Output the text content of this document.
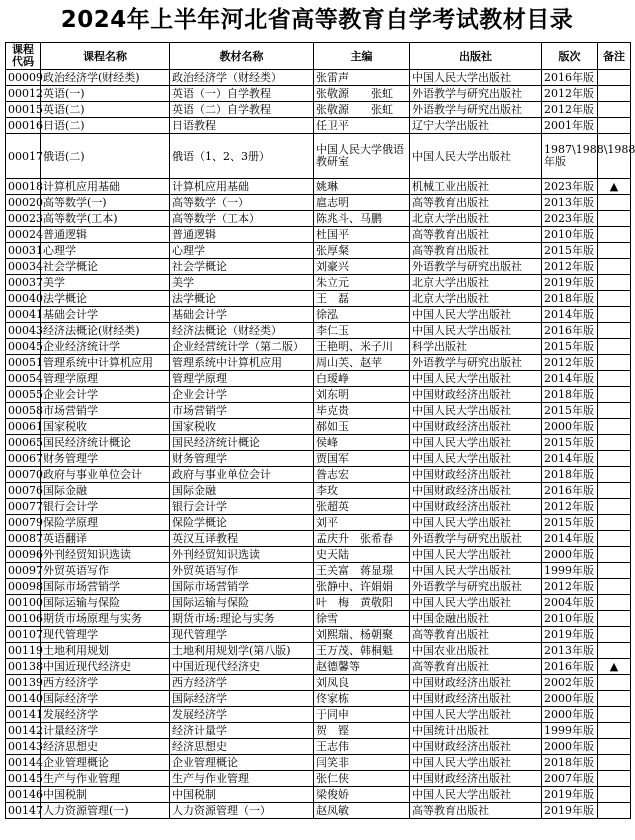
2024年上半年河北省高等教育自学考试教材目录
课程代码	课程名称	教材名称	主编	出版社	版次	备注
00009	政治经济学(财经类)	政治经济学（财经类）	张雷声	中国人民大学出版社	2016年版	
00012	英语(一)	英语（一）自学教程	张敬源　　张虹	外语教学与研究出版社	2012年版	
00015	英语(二)	英语（二）自学教程	张敬源　　张虹	外语教学与研究出版社	2012年版	
00016	日语(二)	日语教程	任卫平	辽宁大学出版社	2001年版	
00017	俄语(二)	俄语（1、2、3册）	中国人民大学俄语教研室	中国人民大学出版社	1987\1988\1988年版	
00018	计算机应用基础	计算机应用基础	姚琳	机械工业出版社	2023年版	▲
00020	高等数学(一)	高等数学（一）	扈志明	高等教育出版社	2013年版	
00023	高等数学(工本)	高等数学（工本）	陈兆斗、马鹏	北京大学出版社	2023年版	
00024	普通逻辑	普通逻辑	杜国平	高等教育出版社	2010年版	
00031	心理学	心理学	张厚粲	高等教育出版社	2015年版	
00034	社会学概论	社会学概论	刘豪兴	外语教学与研究出版社	2012年版	
00037	美学	美学	朱立元	北京大学出版社	2019年版	
00040	法学概论	法学概论	王　磊	北京大学出版社	2018年版	
00041	基础会计学	基础会计学	徐泓	中国人民大学出版社	2014年版	
00043	经济法概论(财经类)	经济法概论（财经类）	李仁玉	中国人民大学出版社	2016年版	
00045	企业经济统计学	企业经营统计学（第二版）	王艳明、米子川	科学出版社	2015年版	
00051	管理系统中计算机应用	管理系统中计算机应用	周山芙、赵苹	外语教学与研究出版社	2012年版	
00054	管理学原理	管理学原理	白瑷峥	中国人民大学出版社	2014年版	
00055	企业会计学	企业会计学	刘东明	中国财政经济出版社	2018年版	
00058	市场营销学	市场营销学	毕克贵	中国人民大学出版社	2015年版	
00061	国家税收	国家税收	郝如玉	中国财政经济出版社	2000年版	
00065	国民经济统计概论	国民经济统计概论	侯峰	中国人民大学出版社	2015年版	
00067	财务管理学	财务管理学	贾国军	中国人民大学出版社	2014年版	
00070	政府与事业单位会计	政府与事业单位会计	昝志宏	中国财政经济出版社	2018年版	
00076	国际金融	国际金融	李玫	中国财政经济出版社	2016年版	
00077	银行会计学	银行会计学	张超英	中国财政经济出版社	2012年版	
00079	保险学原理	保险学概论	刘平	中国人民大学出版社	2015年版	
00087	英语翻译	英汉互译教程	孟庆升　张希春	外语教学与研究出版社	2014年版	
00096	外刊经贸知识选读	外刊经贸知识选读	史天陆	中国人民大学出版社	2000年版	
00097	外贸英语写作	外贸英语写作	王关富　蒋显璟	中国人民大学出版社	1999年版	
00098	国际市场营销学	国际市场营销学	张静中、许娟娟	外语教学与研究出版社	2012年版	
00100	国际运输与保险	国际运输与保险	叶　梅　黄敬阳	中国人民大学出版社	2004年版	
00106	期货市场原理与实务	期货市场:理论与实务	徐雪	中国金融出版社	2010年版	
00107	现代管理学	现代管理学	刘熙瑞、杨朝聚	高等教育出版社	2019年版	
00119	土地利用规划	土地利用规划学(第八版)	王万茂、韩桐魁	中国农业出版社	2013年版	
00138	中国近现代经济史	中国近现代经济史	赵德馨等	高等教育出版社	2016年版	▲
00139	西方经济学	西方经济学	刘凤良	中国财政经济出版社	2002年版	
00140	国际经济学	国际经济学	佟家栋	中国财政经济出版社	2000年版	
00141	发展经济学	发展经济学	于同申	中国人民大学出版社	2000年版	
00142	计量经济学	经济计量学	贺　铿	中国统计出版社	1999年版	
00143	经济思想史	经济思想史	王志伟	中国财政经济出版社	2000年版	
00144	企业管理概论	企业管理概论	闫笑非	中国人民大学出版社	2018年版	
00145	生产与作业管理	生产与作业管理	张仁侠	中国财政经济出版社	2007年版	
00146	中国税制	中国税制	梁俊娇	中国人民大学出版社	2019年版	
00147	人力资源管理(一)	人力资源管理（一）	赵凤敏	高等教育出版社	2019年版	
